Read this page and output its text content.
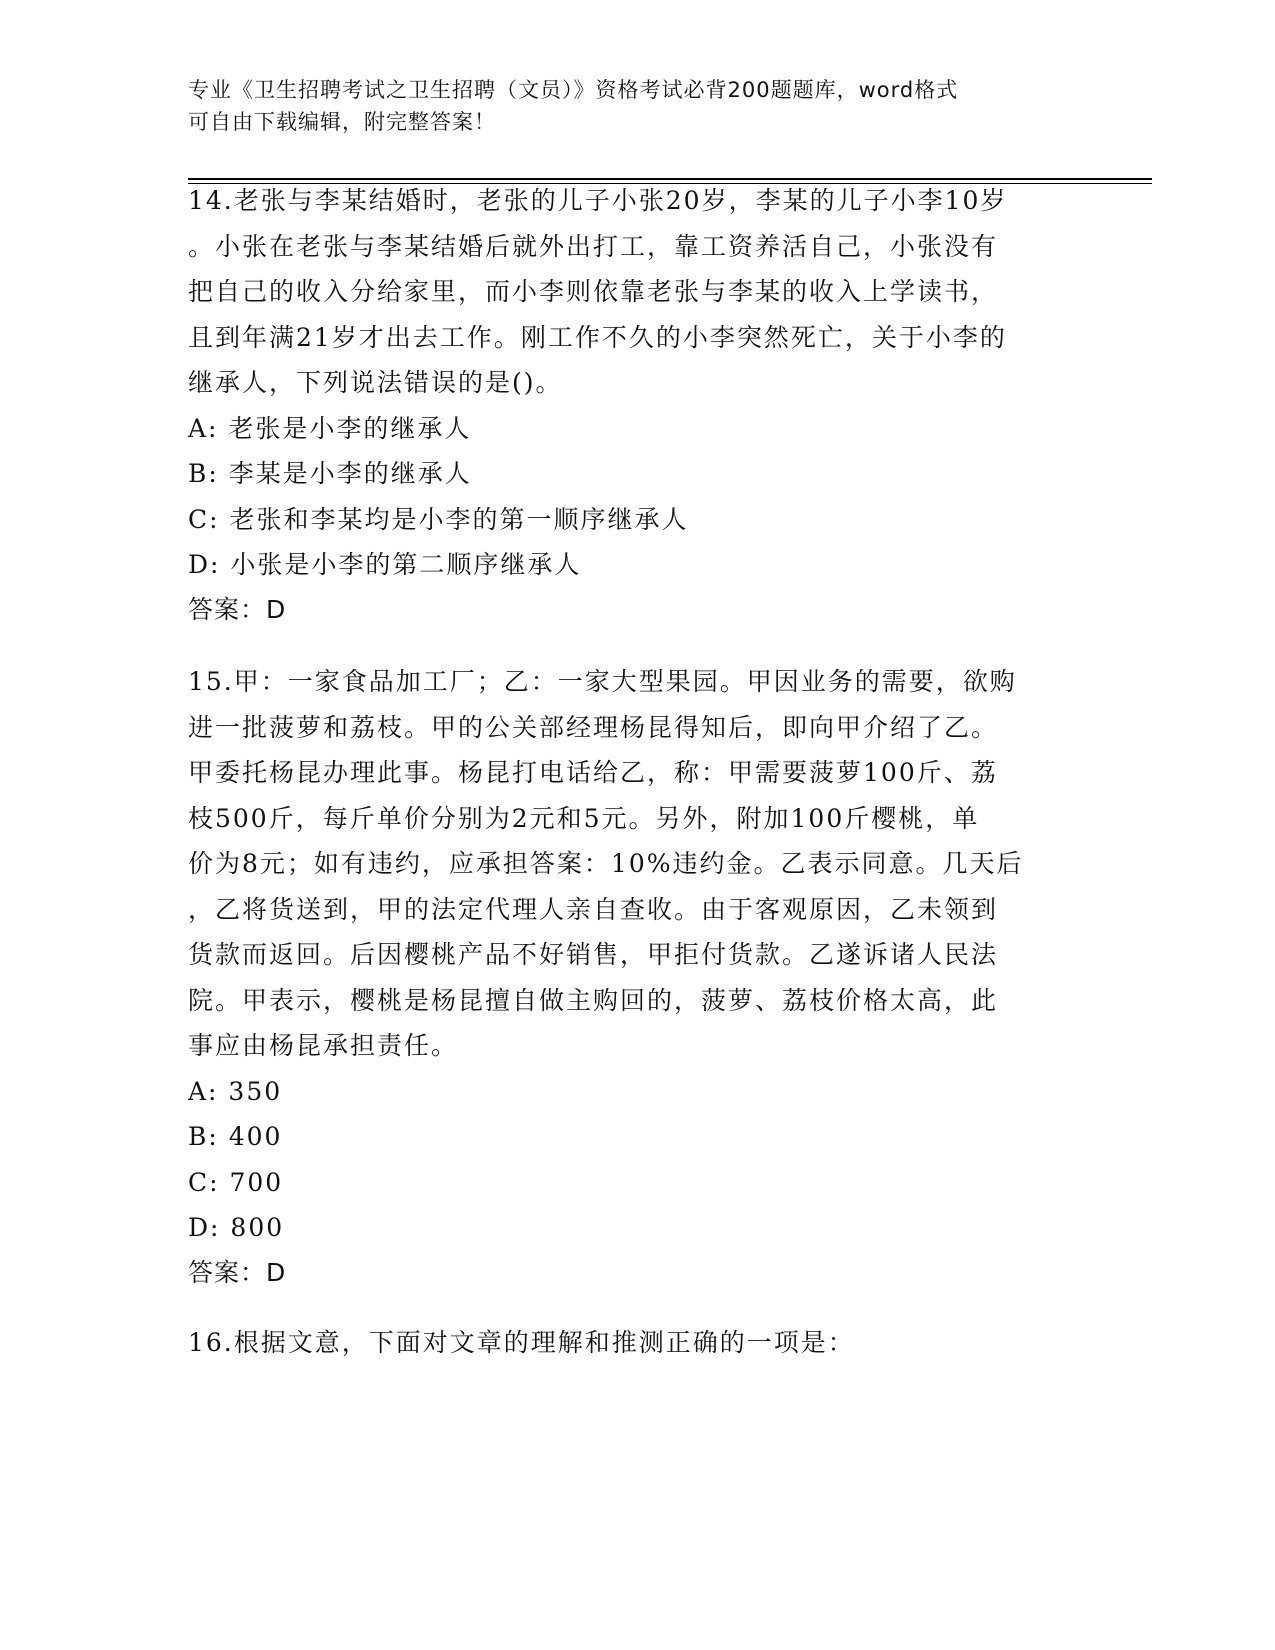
专业《卫生招聘考试之卫生招聘（文员）》资格考试必背200题题库，word格式
可自由下载编辑，附完整答案！

14.老张与李某结婚时，老张的儿子小张20岁，李某的儿子小李10岁

。小张在老张与李某结婚后就外出打工，靠工资养活自己，小张没有

把自己的收入分给家里，而小李则依靠老张与李某的收入上学读书，

且到年满21岁才出去工作。刚工作不久的小李突然死亡，关于小李的

继承人，下列说法错误的是()。

A: 老张是小李的继承人

B: 李某是小李的继承人

C: 老张和李某均是小李的第一顺序继承人

D: 小张是小李的第二顺序继承人

答案：D

15.甲：一家食品加工厂；乙：一家大型果园。甲因业务的需要，欲购

进一批菠萝和荔枝。甲的公关部经理杨昆得知后，即向甲介绍了乙。

甲委托杨昆办理此事。杨昆打电话给乙，称：甲需要菠萝100斤、荔

枝500斤，每斤单价分别为2元和5元。另外，附加100斤樱桃，单

价为8元；如有违约，应承担答案：10%违约金。乙表示同意。几天后

，乙将货送到，甲的法定代理人亲自查收。由于客观原因，乙未领到

货款而返回。后因樱桃产品不好销售，甲拒付货款。乙遂诉诸人民法

院。甲表示，樱桃是杨昆擅自做主购回的，菠萝、荔枝价格太高，此

事应由杨昆承担责任。

A: 350

B: 400

C: 700

D: 800

答案：D

16.根据文意，下面对文章的理解和推测正确的一项是：
